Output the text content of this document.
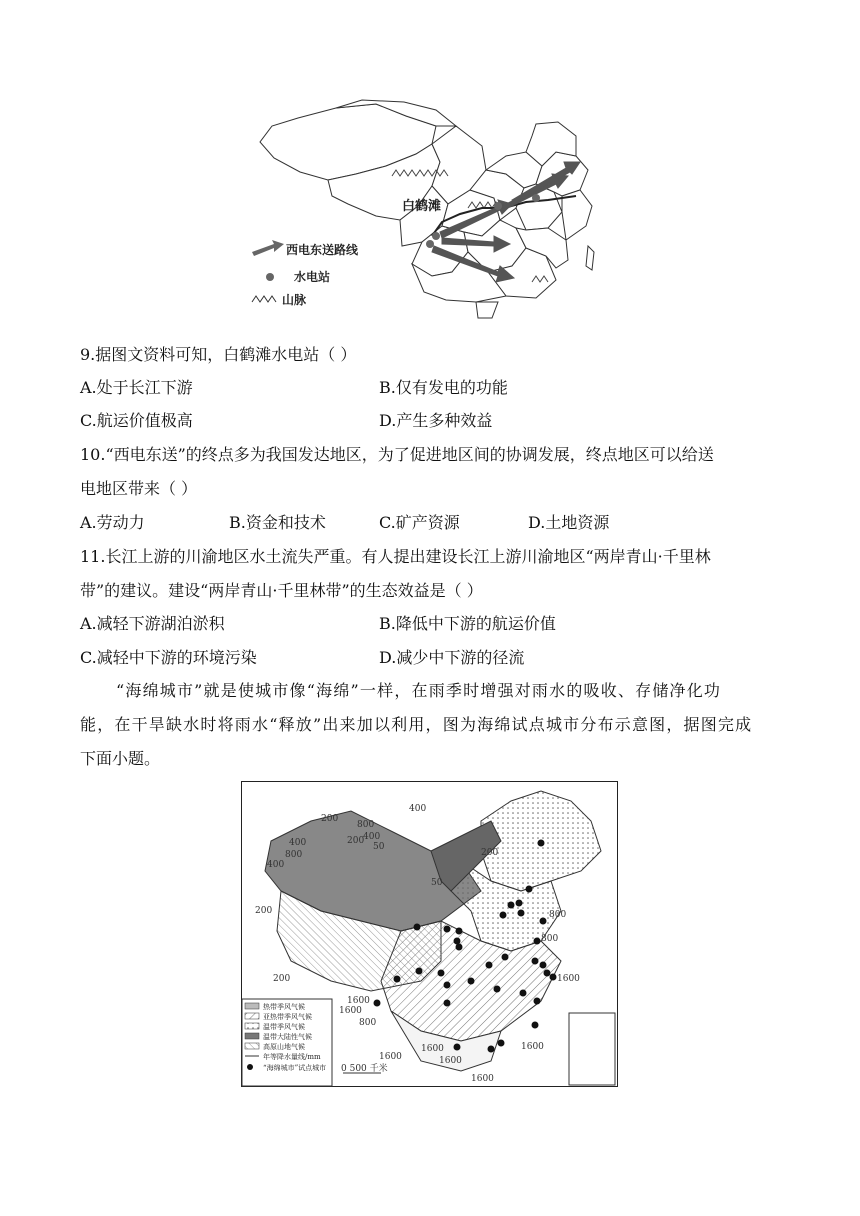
白鹤滩
西电东送路线
水电站
山脉
9.据图文资料可知，白鹤滩水电站（ ）
A.处于长江下游	B.仅有发电的功能
C.航运价值极高	D.产生多种效益
10.“西电东送”的终点多为我国发达地区，为了促进地区间的协调发展，终点地区可以给送
电地区带来（ ）
A.劳动力	B.资金和技术	C.矿产资源	D.土地资源
11.长江上游的川渝地区水土流失严重。有人提出建设长江上游川渝地区“两岸青山·千里林
带”的建议。建设“两岸青山·千里林带”的生态效益是（ ）
A.减轻下游湖泊淤积	B.降低中下游的航运价值
C.减轻中下游的环境污染	D.减少中下游的径流
“海绵城市”就是使城市像“海绵”一样，在雨季时增强对雨水的吸收、存储净化功
能，在干旱缺水时将雨水“释放”出来加以利用，图为海绵试点城市分布示意图，据图完成
下面小题。
200
800
400
200
50
400
800
400
400
50
200
200
200
800
800
1600
1600
800
1600
1600
1600
1600
1600
1600
0 500 千米
热带季风气候
亚热带季风气候
温带季风气候
温带大陆性气候
高原山地气候
年等降水量线/mm
“海绵城市”试点城市
